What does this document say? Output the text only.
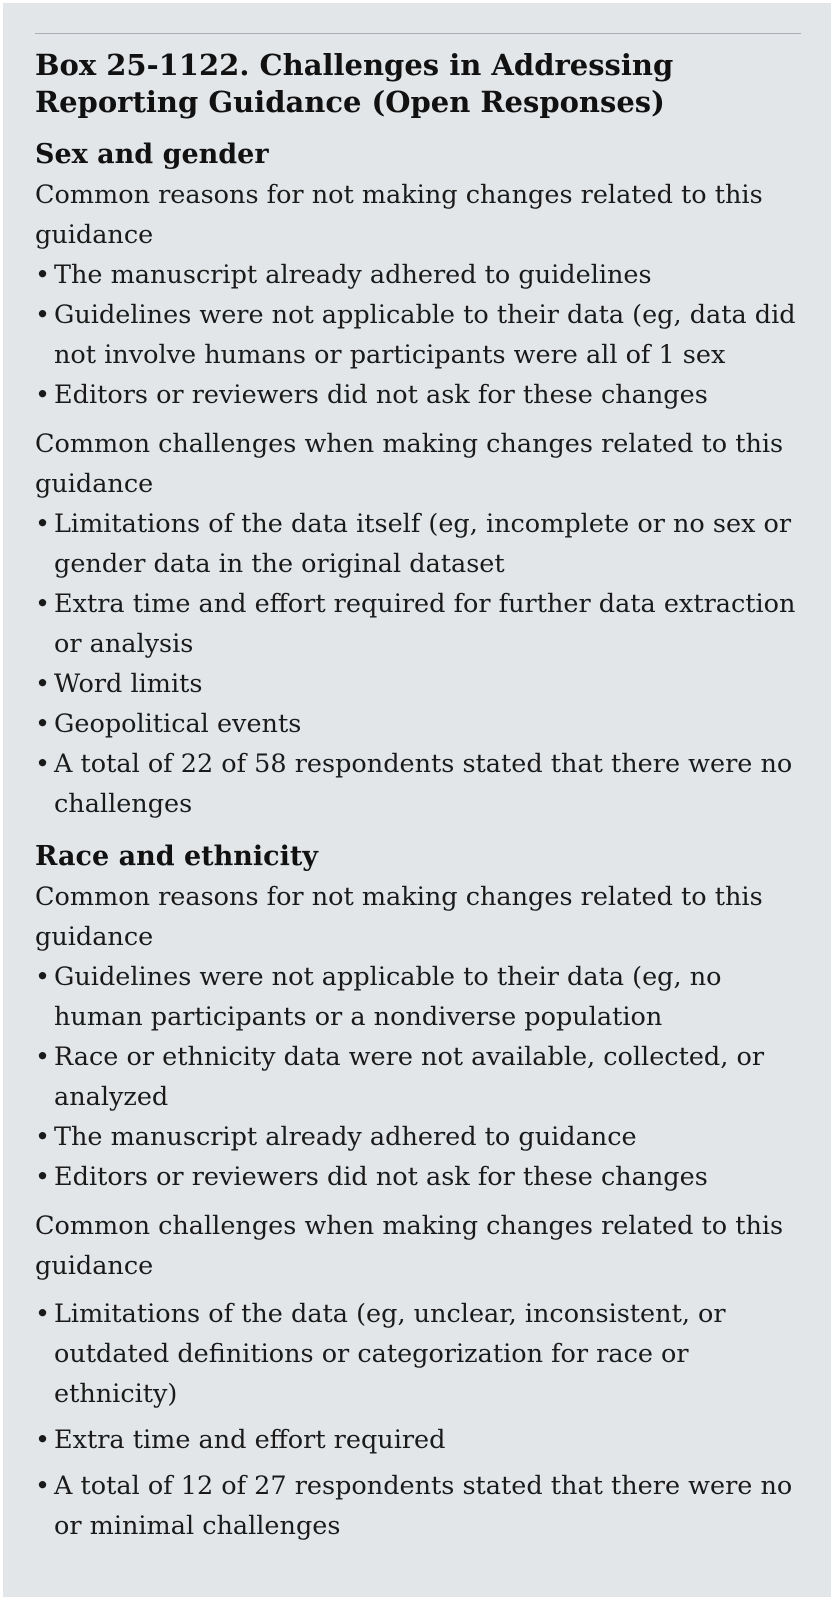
Box 25-1122. Challenges in Addressing Reporting Guidance (Open Responses)
Sex and gender

Common reasons for not making changes related to this guidance

• The manuscript already adhered to guidelines
• Guidelines were not applicable to their data (eg, data did not involve humans or participants were all of 1 sex
• Editors or reviewers did not ask for these changes

Common challenges when making changes related to this guidance

• Limitations of the data itself (eg, incomplete or no sex or gender data in the original dataset
• Extra time and effort required for further data extraction or analysis
• Word limits
• Geopolitical events
• A total of 22 of 58 respondents stated that there were no challenges
Race and ethnicity

Common reasons for not making changes related to this guidance

• Guidelines were not applicable to their data (eg, no human participants or a nondiverse population
• Race or ethnicity data were not available, collected, or analyzed
• The manuscript already adhered to guidance
• Editors or reviewers did not ask for these changes

Common challenges when making changes related to this guidance

• Limitations of the data (eg, unclear, inconsistent, or outdated definitions or categorization for race or ethnicity)
• Extra time and effort required
• A total of 12 of 27 respondents stated that there were no or minimal challenges
